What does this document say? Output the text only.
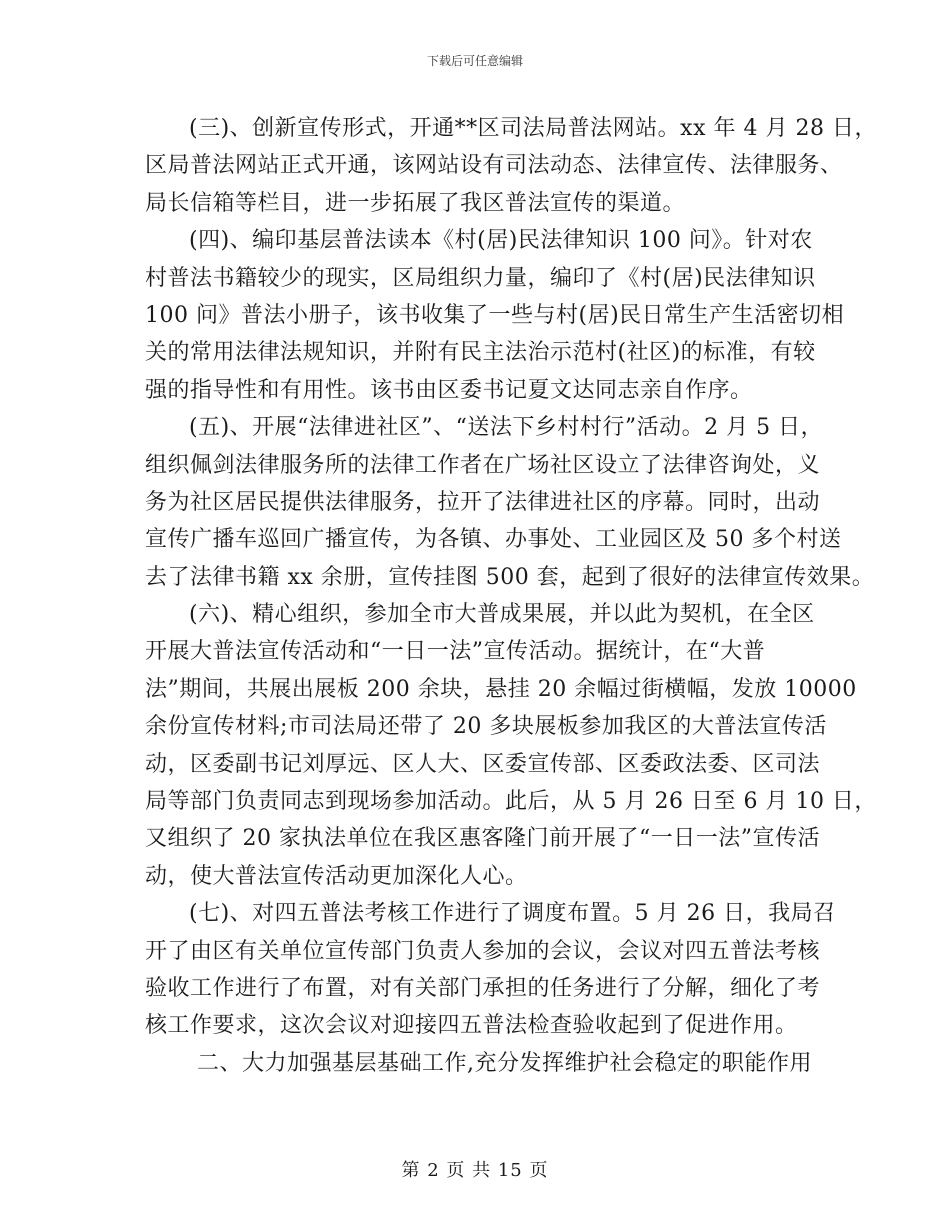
下载后可任意编辑
(三)、创新宣传形式，开通**区司法局普法网站。xx 年 4 月 28 日，
区局普法网站正式开通，该网站设有司法动态、法律宣传、法律服务、
局长信箱等栏目，进一步拓展了我区普法宣传的渠道。
(四)、编印基层普法读本《村(居)民法律知识 100 问》。针对农
村普法书籍较少的现实，区局组织力量，编印了《村(居)民法律知识
100 问》普法小册子，该书收集了一些与村(居)民日常生产生活密切相
关的常用法律法规知识，并附有民主法治示范村(社区)的标准，有较
强的指导性和有用性。该书由区委书记夏文达同志亲自作序。
(五)、开展“法律进社区”、“送法下乡村村行”活动。2 月 5 日，
组织佩剑法律服务所的法律工作者在广场社区设立了法律咨询处，义
务为社区居民提供法律服务，拉开了法律进社区的序幕。同时，出动
宣传广播车巡回广播宣传，为各镇、办事处、工业园区及 50 多个村送
去了法律书籍 xx 余册，宣传挂图 500 套，起到了很好的法律宣传效果。
(六)、精心组织，参加全市大普成果展，并以此为契机，在全区
开展大普法宣传活动和“一日一法”宣传活动。据统计，在“大普
法”期间，共展出展板 200 余块，悬挂 20 余幅过街横幅，发放 10000
余份宣传材料;市司法局还带了 20 多块展板参加我区的大普法宣传活
动，区委副书记刘厚远、区人大、区委宣传部、区委政法委、区司法
局等部门负责同志到现场参加活动。此后，从 5 月 26 日至 6 月 10 日，
又组织了 20 家执法单位在我区惠客隆门前开展了“一日一法”宣传活
动，使大普法宣传活动更加深化人心。
(七)、对四五普法考核工作进行了调度布置。5 月 26 日，我局召
开了由区有关单位宣传部门负责人参加的会议，会议对四五普法考核
验收工作进行了布置，对有关部门承担的任务进行了分解，细化了考
核工作要求，这次会议对迎接四五普法检查验收起到了促进作用。
二、大力加强基层基础工作,充分发挥维护社会稳定的职能作用
第 2 页 共 15 页
